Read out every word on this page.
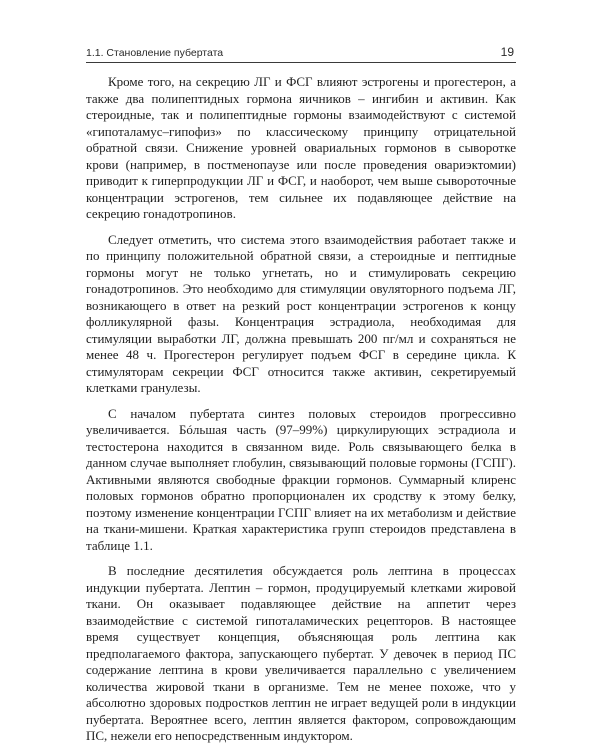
1.1. Становление пубертата	19

Кроме того, на секрецию ЛГ и ФСГ влияют эстрогены и прогестерон, а также два полипептидных гормона яичников – ингибин и активин. Как стероидные, так и полипептидные гормоны взаимодействуют с системой «гипоталамус–гипофиз» по классическому принципу отрицательной обратной связи. Снижение уровней овариальных гормонов в сыворотке крови (например, в постменопаузе или после проведения овариэктомии) приводит к гиперпродукции ЛГ и ФСГ, и наоборот, чем выше сывороточные концентрации эстрогенов, тем сильнее их подавляющее действие на секрецию гонадотропинов.

Следует отметить, что система этого взаимодействия работает также и по принципу положительной обратной связи, а стероидные и пептидные гормоны могут не только угнетать, но и стимулировать секрецию гонадотропинов. Это необходимо для стимуляции овуляторного подъема ЛГ, возникающего в ответ на резкий рост концентрации эстрогенов к концу фолликулярной фазы. Концентрация эстрадиола, необходимая для стимуляции выработки ЛГ, должна превышать 200 пг/мл и сохраняться не менее 48 ч. Прогестерон регулирует подъем ФСГ в середине цикла. К стимуляторам секреции ФСГ относится также активин, секретируемый клетками гранулезы.

С началом пубертата синтез половых стероидов прогрессивно увеличивается. Бóльшая часть (97–99%) циркулирующих эстрадиола и тестостерона находится в связанном виде. Роль связывающего белка в данном случае выполняет глобулин, связывающий половые гормоны (ГСПГ). Активными являются свободные фракции гормонов. Суммарный клиренс половых гормонов обратно пропорционален их сродству к этому белку, поэтому изменение концентрации ГСПГ влияет на их метаболизм и действие на ткани-мишени. Краткая характеристика групп стероидов представлена в таблице 1.1.

В последние десятилетия обсуждается роль лептина в процессах индукции пубертата. Лептин – гормон, продуцируемый клетками жировой ткани. Он оказывает подавляющее действие на аппетит через взаимодействие с системой гипоталамических рецепторов. В настоящее время существует концепция, объясняющая роль лептина как предполагаемого фактора, запускающего пубертат. У девочек в период ПС содержание лептина в крови увеличивается параллельно с увеличением количества жировой ткани в организме. Тем не менее похоже, что у абсолютно здоровых подростков лептин не играет ведущей роли в индукции пубертата. Вероятнее всего, лептин является фактором, сопровождающим ПС, нежели его непосредственным индуктором.
